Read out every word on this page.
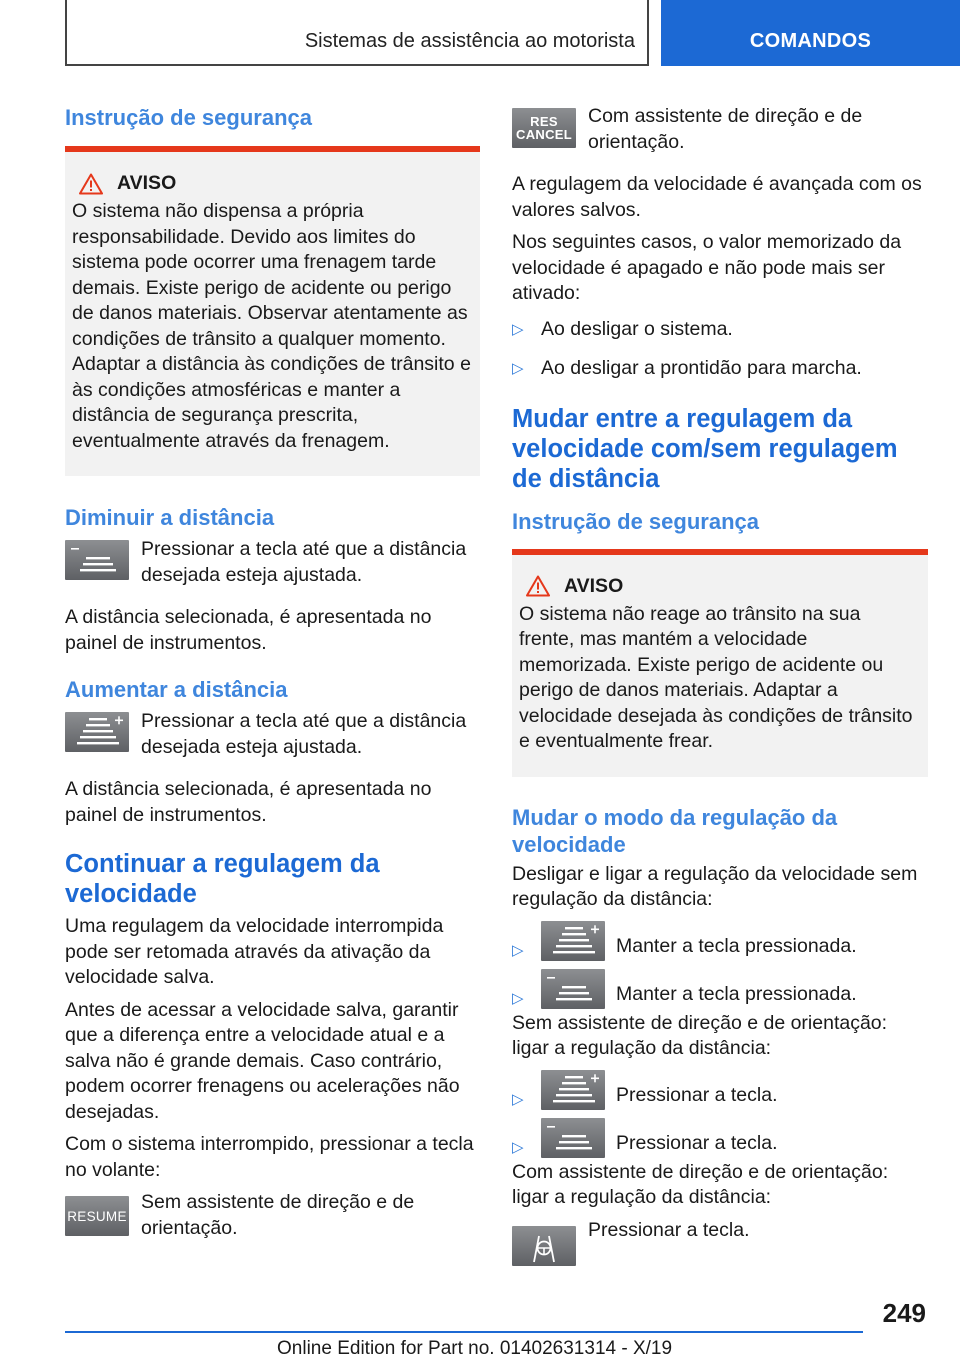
Sistemas de assistência ao motorista	COMANDOS
Instrução de segurança
AVISO

O sistema não dispensa a própria responsabilidade. Devido aos limites do sistema pode ocorrer uma frenagem tarde demais. Existe perigo de acidente ou perigo de danos materiais. Observar atentamente as condições de trânsito a qualquer momento. Adaptar a distância às condições de trânsito e às condições atmosféricas e manter a distância de segurança prescrita, eventualmente através da frenagem.

Diminuir a distância

Pressionar a tecla até que a distância desejada esteja ajustada.

A distância selecionada, é apresentada no painel de instrumentos.

Aumentar a distância

Pressionar a tecla até que a distância desejada esteja ajustada.

A distância selecionada, é apresentada no painel de instrumentos.

Continuar a regulagem da velocidade

Uma regulagem da velocidade interrompida pode ser retomada através da ativação da velocidade salva.

Antes de acessar a velocidade salva, garantir que a diferença entre a velocidade atual e a salva não é grande demais. Caso contrário, podem ocorrer frenagens ou acelerações não desejadas.

Com o sistema interrompido, pressionar a tecla no volante:

RESUME

Sem assistente de direção e de orientação.

RES
CANCEL

Com assistente de direção e de orientação.

A regulagem da velocidade é avançada com os valores salvos.

Nos seguintes casos, o valor memorizado da velocidade é apagado e não pode mais ser ativado:

▷ Ao desligar o sistema.
▷ Ao desligar a prontidão para marcha.
Mudar entre a regulagem da velocidade com/sem regulagem de distância
Instrução de segurança
AVISO

O sistema não reage ao trânsito na sua frente, mas mantém a velocidade memorizada. Existe perigo de acidente ou perigo de danos materiais. Adaptar a velocidade desejada às condições de trânsito e eventualmente frear.

Mudar o modo da regulação da velocidade

Desligar e ligar a regulação da velocidade sem regulação da distância:

▷	Manter a tecla pressionada.
▷	Manter a tecla pressionada.

Sem assistente de direção e de orientação: ligar a regulação da distância:

▷	Pressionar a tecla.
▷	Pressionar a tecla.

Com assistente de direção e de orientação: ligar a regulação da distância:

Pressionar a tecla.

249
Online Edition for Part no. 01402631314 - X/19
